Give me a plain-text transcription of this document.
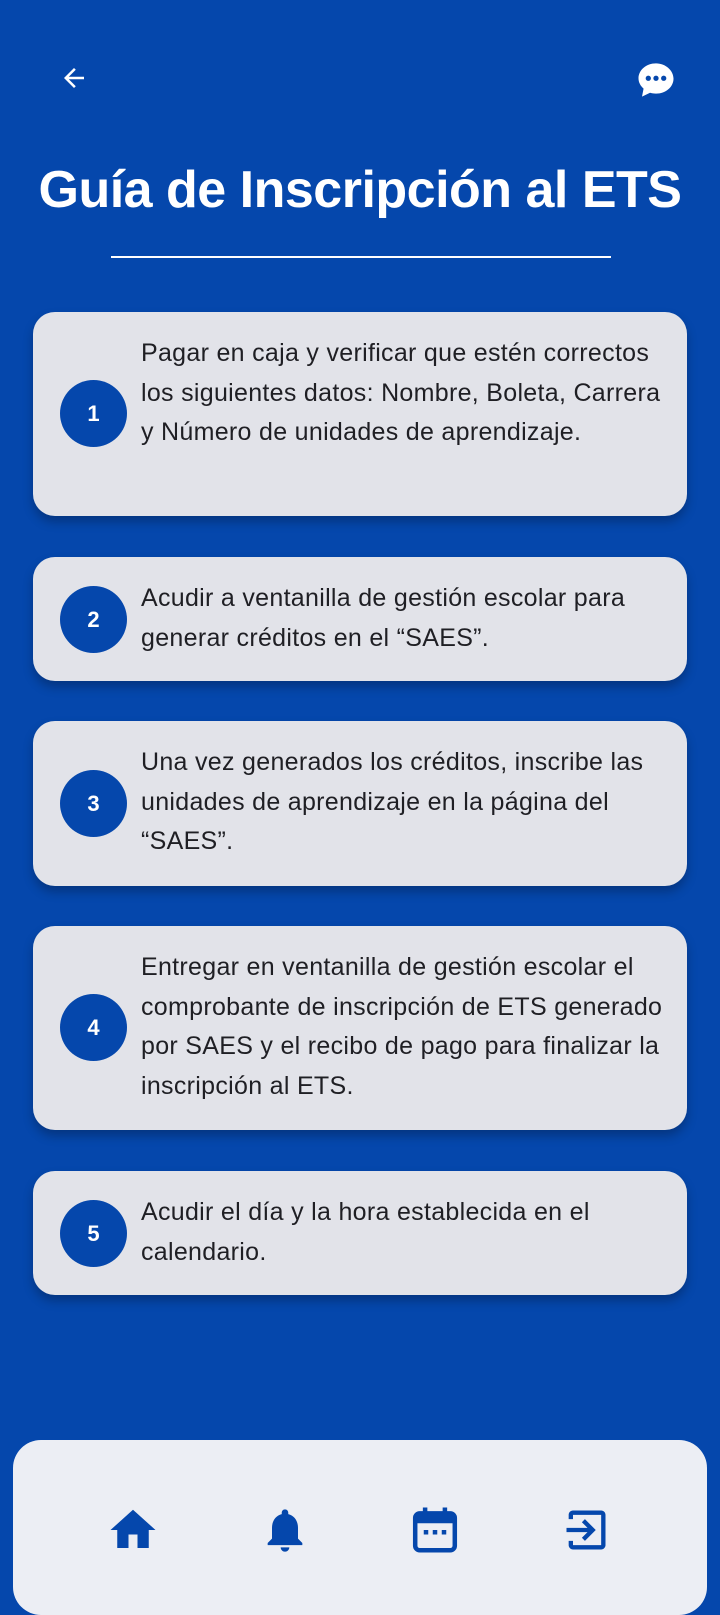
Guía de Inscripción al ETS
1

Pagar en caja y verificar que estén correctos los siguientes datos: Nombre, Boleta, Carrera y Número de unidades de aprendizaje.

2

Acudir a ventanilla de gestión escolar para generar créditos en el “SAES”.

3

Una vez generados los créditos, inscribe las unidades de aprendizaje en la página del “SAES”.

4

Entregar en ventanilla de gestión escolar el comprobante de inscripción de ETS generado por SAES y el recibo de pago para finalizar la inscripción al ETS.

5

Acudir el día y la hora establecida en el calendario.
